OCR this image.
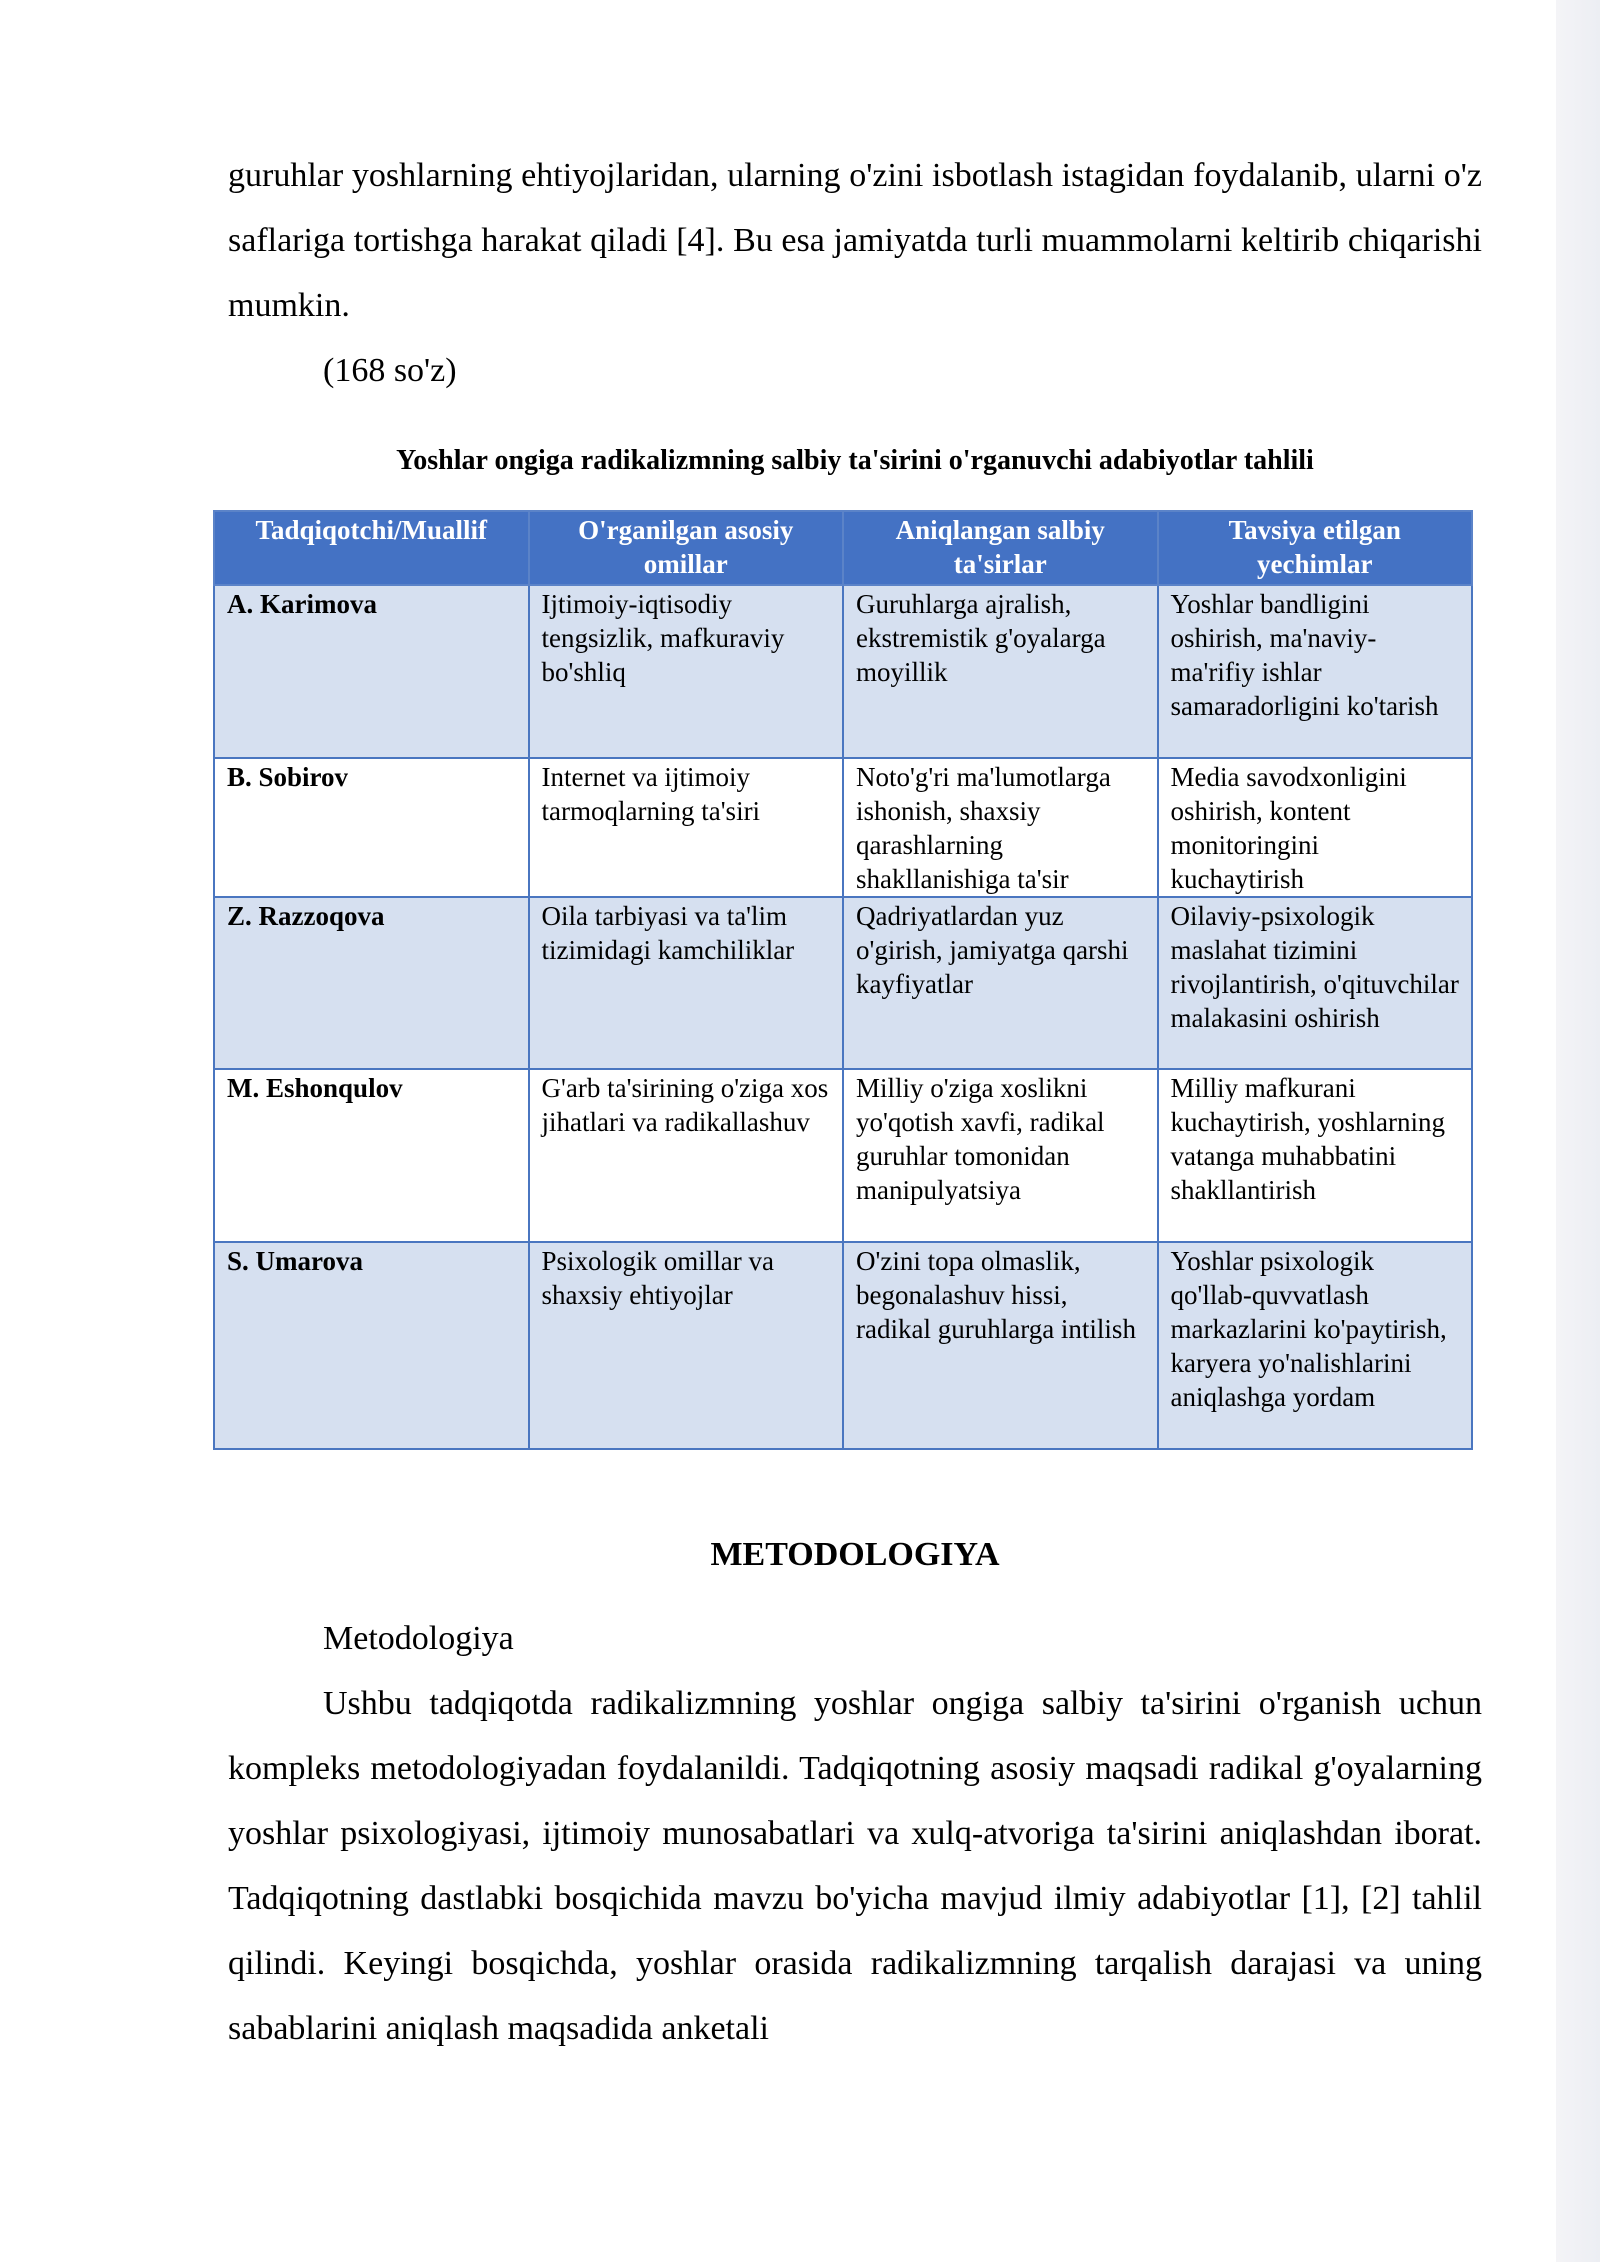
guruhlar yoshlarning ehtiyojlaridan, ularning o'zini isbotlash istagidan foydalanib, ularni o'z saflariga tortishga harakat qiladi [4]. Bu esa jamiyatda turli muammolarni keltirib chiqarishi mumkin.

(168 so'z)
Yoshlar ongiga radikalizmning salbiy ta'sirini o'rganuvchi adabiyotlar tahlili
METODOLOGIYA
Metodologiya

Ushbu tadqiqotda radikalizmning yoshlar ongiga salbiy ta'sirini o'rganish uchun kompleks metodologiyadan foydalanildi. Tadqiqotning asosiy maqsadi radikal g'oyalarning yoshlar psixologiyasi, ijtimoiy munosabatlari va xulq-atvoriga ta'sirini aniqlashdan iborat. Tadqiqotning dastlabki bosqichida mavzu bo'yicha mavjud ilmiy adabiyotlar [1], [2] tahlil qilindi. Keyingi bosqichda, yoshlar orasida radikalizmning tarqalish darajasi va uning sabablarini aniqlash maqsadida anketali

Tadqiqotchi/Muallif	O'rganilgan asosiy omillar	Aniqlangan salbiy ta'sirlar	Tavsiya etilgan yechimlar
A. Karimova	Ijtimoiy-iqtisodiy tengsizlik, mafkuraviy bo'shliq	Guruhlarga ajralish, ekstremistik g'oyalarga moyillik	Yoshlar bandligini oshirish, ma'naviy-ma'rifiy ishlar samaradorligini ko'tarish
B. Sobirov	Internet va ijtimoiy tarmoqlarning ta'siri	Noto'g'ri ma'lumotlarga ishonish, shaxsiy qarashlarning shakllanishiga ta'sir	Media savodxonligini oshirish, kontent monitoringini kuchaytirish
Z. Razzoqova	Oila tarbiyasi va ta'lim tizimidagi kamchiliklar	Qadriyatlardan yuz o'girish, jamiyatga qarshi kayfiyatlar	Oilaviy-psixologik maslahat tizimini rivojlantirish, o'qituvchilar malakasini oshirish
M. Eshonqulov	G'arb ta'sirining o'ziga xos jihatlari va radikallashuv	Milliy o'ziga xoslikni yo'qotish xavfi, radikal guruhlar tomonidan manipulyatsiya	Milliy mafkurani kuchaytirish, yoshlarning vatanga muhabbatini shakllantirish
S. Umarova	Psixologik omillar va shaxsiy ehtiyojlar	O'zini topa olmaslik, begonalashuv hissi, radikal guruhlarga intilish	Yoshlar psixologik qo'llab-quvvatlash markazlarini ko'paytirish, karyera yo'nalishlarini aniqlashga yordam
